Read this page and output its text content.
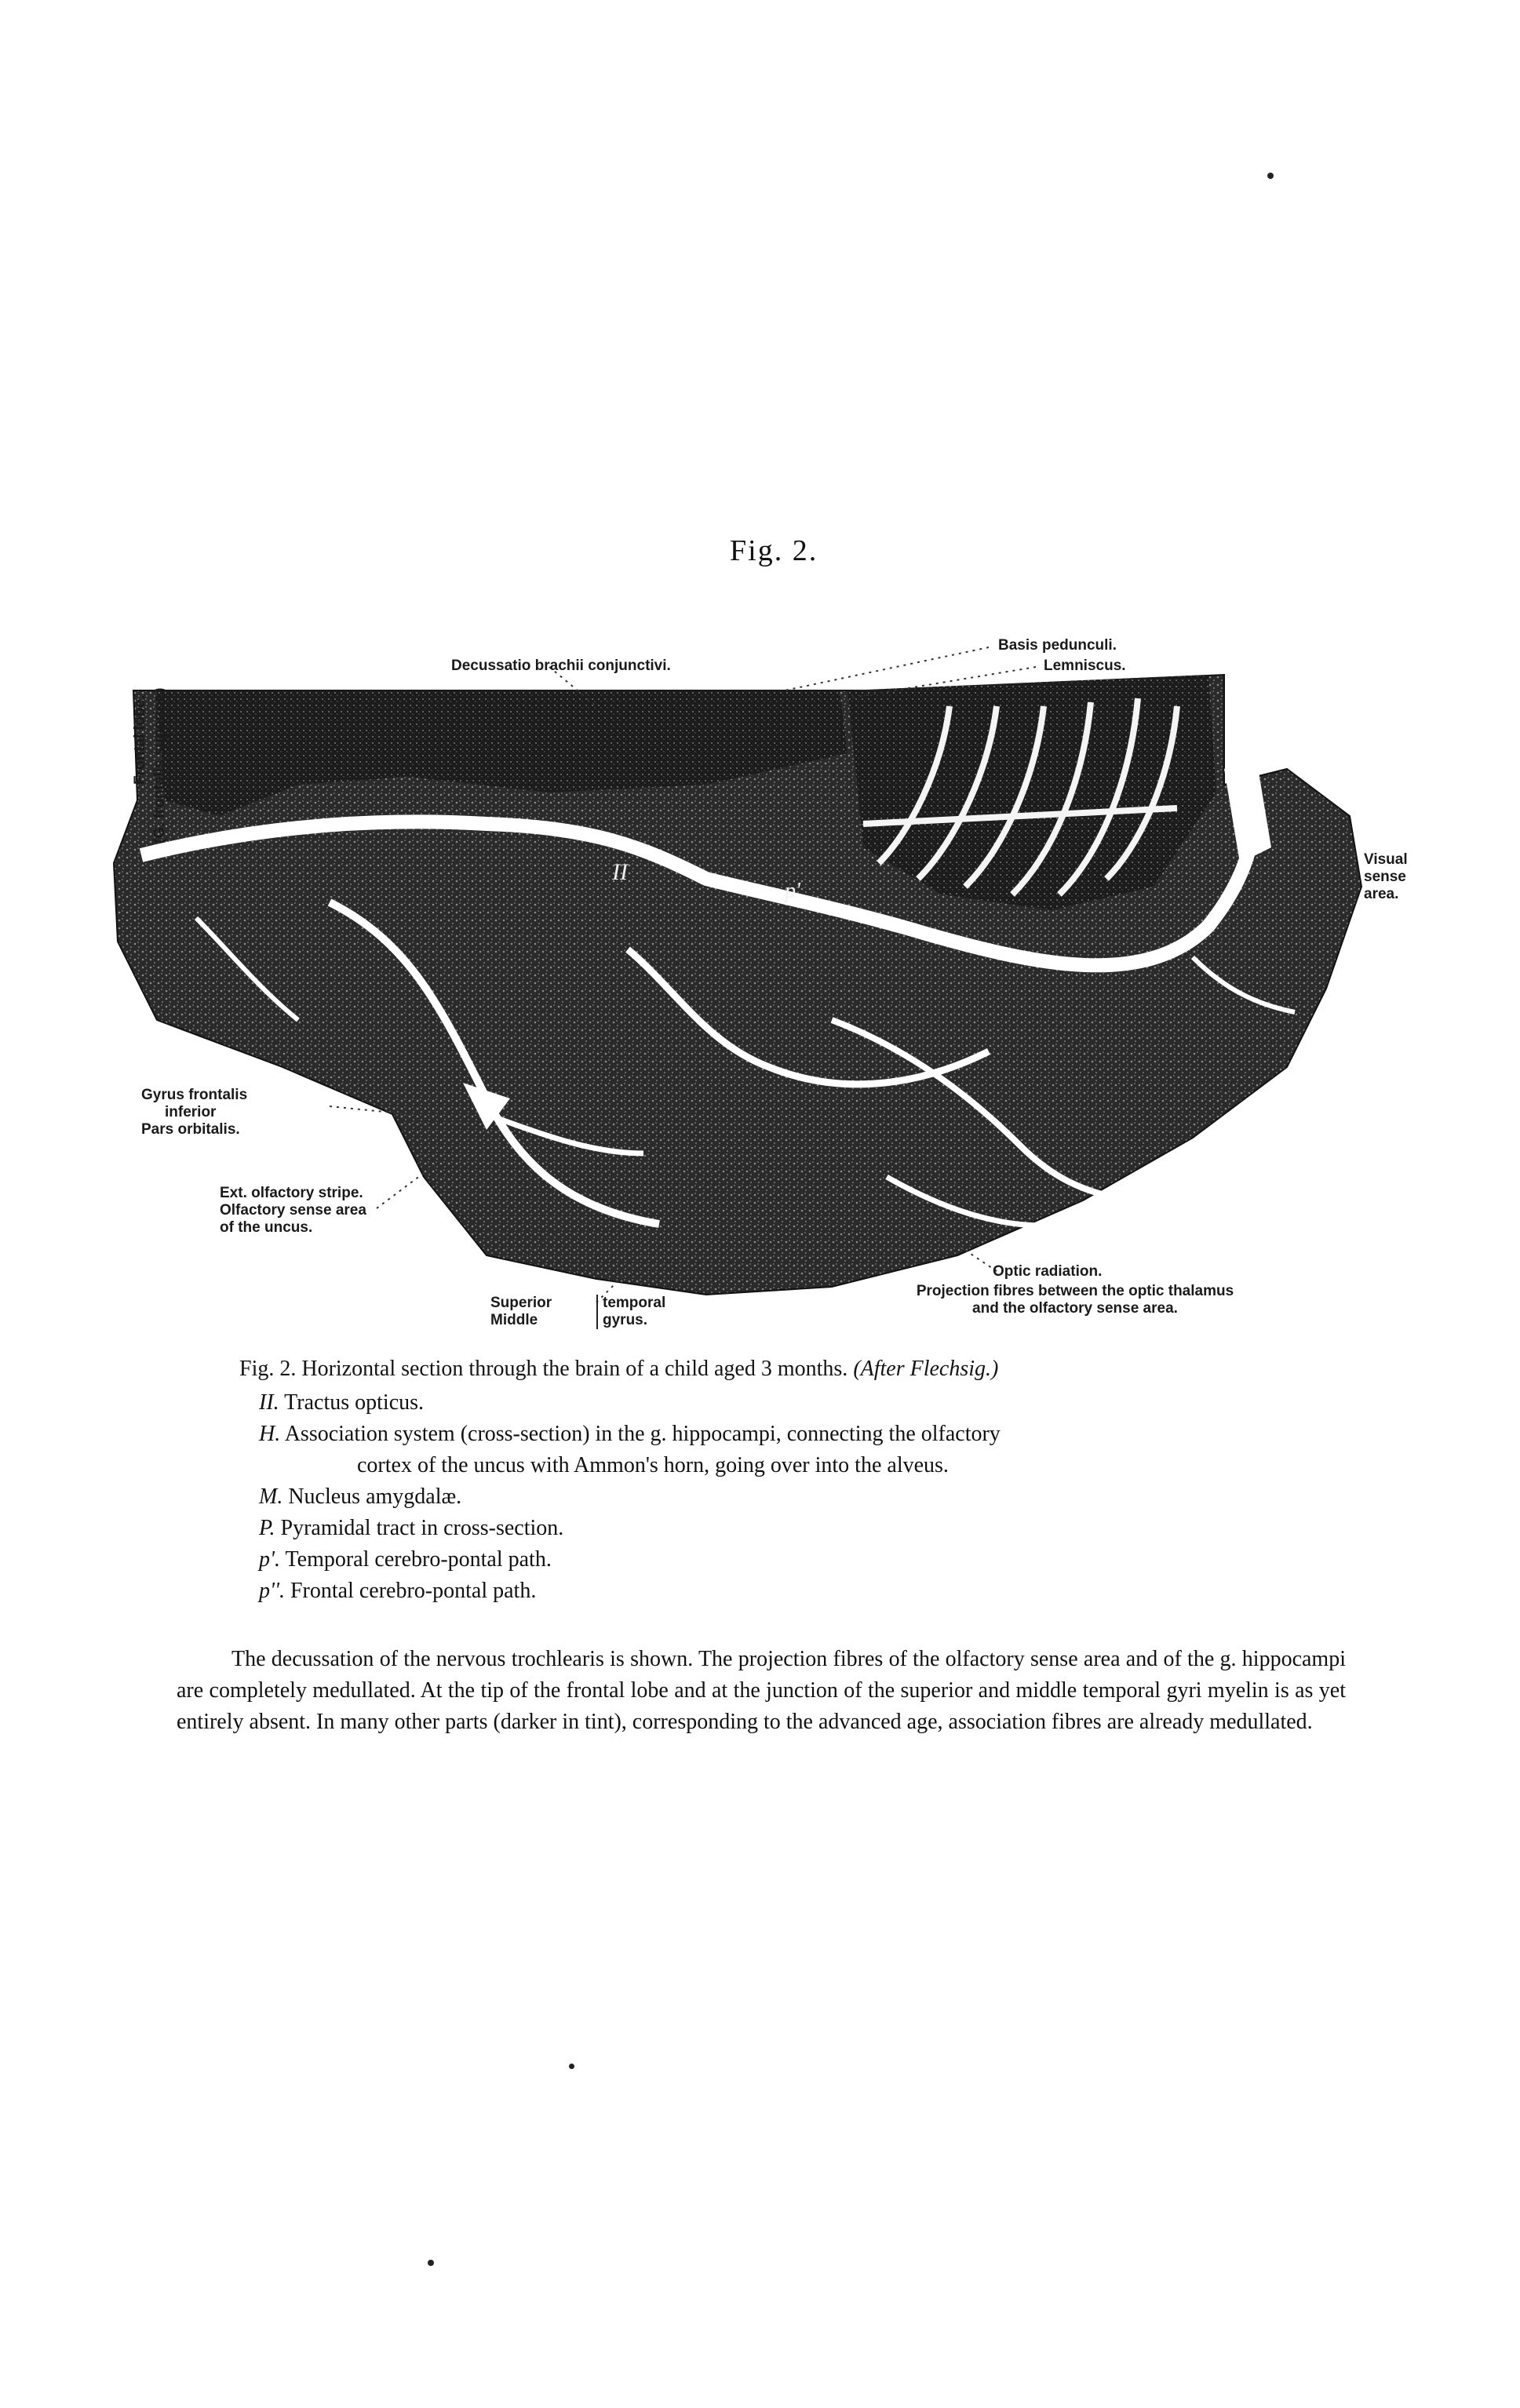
Fig. 2.
Frontal lobe. (G. frontalis superior.)
Decussatio brachii conjunctivi.
Basis pedunculi.
Lemniscus.
Visual
sense
area.
Gyrus frontalis
inferior
Pars orbitalis.
Ext. olfactory stripe.
Olfactory sense area
of the uncus.
Superior
Middle
temporal
gyrus.
Optic radiation.
Projection fibres between the optic thalamus
and the olfactory sense area.
II
p'
Fig. 2. Horizontal section through the brain of a child aged 3 months. (After Flechsig.)
II. Tractus opticus.
H. Association system (cross-section) in the g. hippocampi, connecting the olfactory
cortex of the uncus with Ammon's horn, going over into the alveus.
M. Nucleus amygdalæ.
P. Pyramidal tract in cross-section.
p'. Temporal cerebro-pontal path.
p''. Frontal cerebro-pontal path.
The decussation of the nervous trochlearis is shown. The projection fibres of the olfactory sense area and of the g. hippocampi are completely medullated. At the tip of the frontal lobe and at the junction of the superior and middle temporal gyri myelin is as yet entirely absent. In many other parts (darker in tint), corresponding to the advanced age, association fibres are already medullated.
